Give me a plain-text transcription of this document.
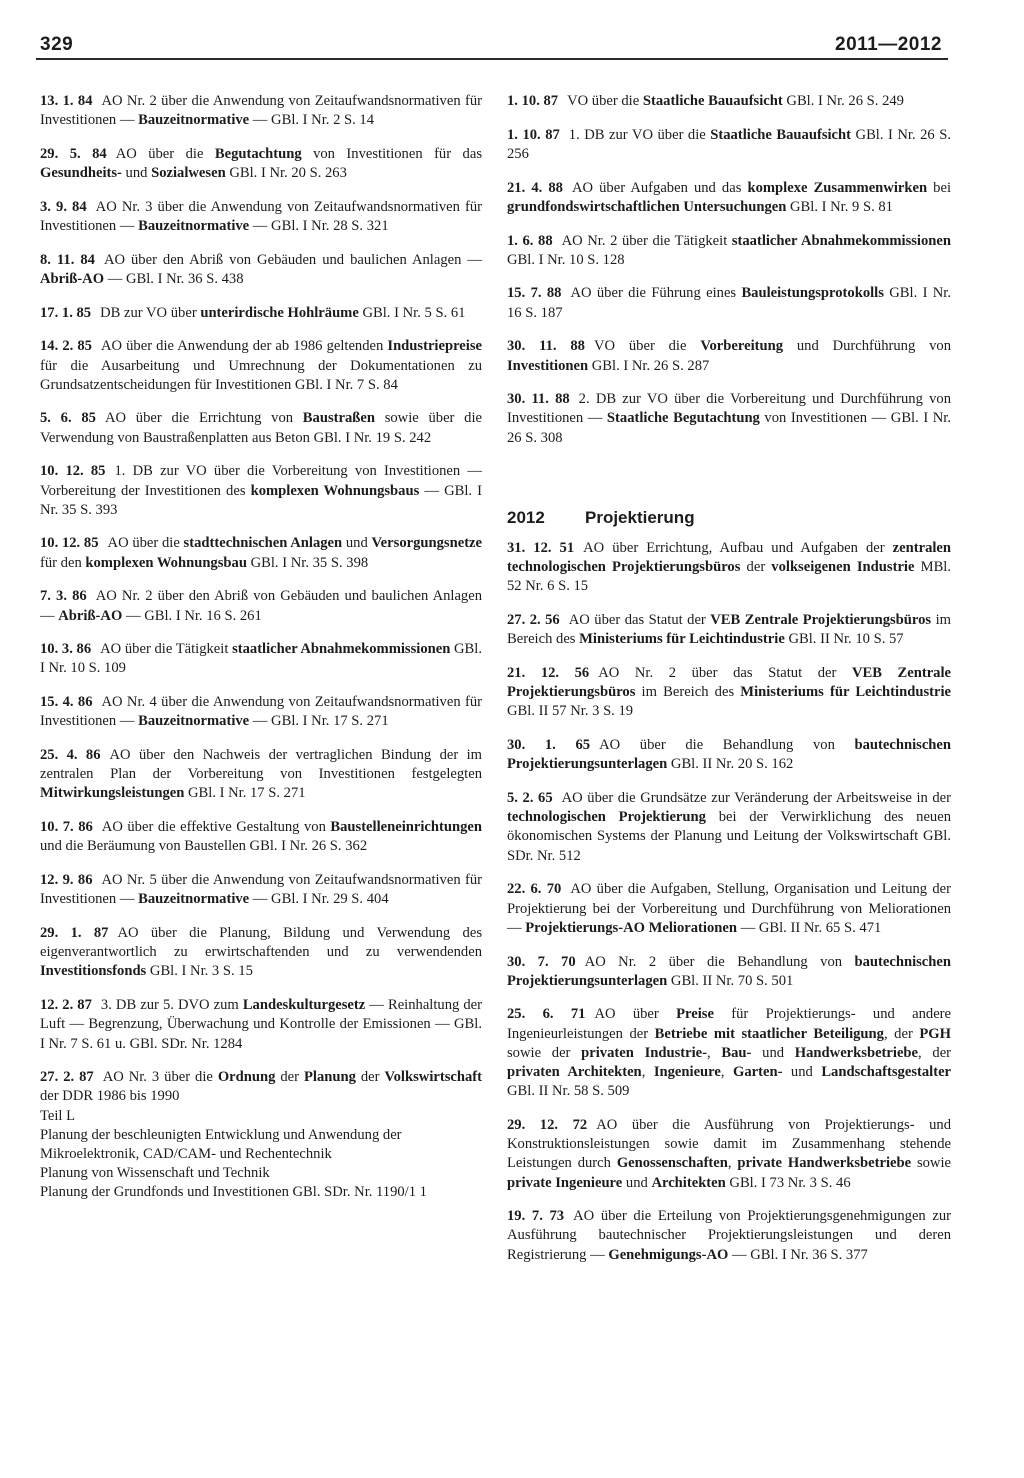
329	2011—2012
13. 1. 84 AO Nr. 2 über die Anwendung von Zeitaufwandsnormativen für Investitionen — Bauzeitnormative — GBl. I Nr. 2 S. 14
29. 5. 84 AO über die Begutachtung von Investitionen für das Gesundheits- und Sozialwesen GBl. I Nr. 20 S. 263
3. 9. 84 AO Nr. 3 über die Anwendung von Zeitaufwandsnormativen für Investitionen — Bauzeitnormative — GBl. I Nr. 28 S. 321
8. 11. 84 AO über den Abriß von Gebäuden und baulichen Anlagen — Abriß-AO — GBl. I Nr. 36 S. 438
17. 1. 85 DB zur VO über unterirdische Hohlräume GBl. I Nr. 5 S. 61
14. 2. 85 AO über die Anwendung der ab 1986 geltenden Industriepreise für die Ausarbeitung und Umrechnung der Dokumentationen zu Grundsatzentscheidungen für Investitionen GBl. I Nr. 7 S. 84
5. 6. 85 AO über die Errichtung von Baustraßen sowie über die Verwendung von Baustraßenplatten aus Beton GBl. I Nr. 19 S. 242
10. 12. 85 1. DB zur VO über die Vorbereitung von Investitionen — Vorbereitung der Investitionen des komplexen Wohnungsbaus — GBl. I Nr. 35 S. 393
10. 12. 85 AO über die stadttechnischen Anlagen und Versorgungsnetze für den komplexen Wohnungsbau GBl. I Nr. 35 S. 398
7. 3. 86 AO Nr. 2 über den Abriß von Gebäuden und baulichen Anlagen — Abriß-AO — GBl. I Nr. 16 S. 261
10. 3. 86 AO über die Tätigkeit staatlicher Abnahmekommissionen GBl. I Nr. 10 S. 109
15. 4. 86 AO Nr. 4 über die Anwendung von Zeitaufwandsnormativen für Investitionen — Bauzeitnormative — GBl. I Nr. 17 S. 271
25. 4. 86 AO über den Nachweis der vertraglichen Bindung der im zentralen Plan der Vorbereitung von Investitionen festgelegten Mitwirkungsleistungen GBl. I Nr. 17 S. 271
10. 7. 86 AO über die effektive Gestaltung von Baustelleneinrichtungen und die Beräumung von Baustellen GBl. I Nr. 26 S. 362
12. 9. 86 AO Nr. 5 über die Anwendung von Zeitaufwandsnormativen für Investitionen — Bauzeitnormative — GBl. I Nr. 29 S. 404
29. 1. 87 AO über die Planung, Bildung und Verwendung des eigenverantwortlich zu erwirtschaftenden und zu verwendenden Investitionsfonds GBl. I Nr. 3 S. 15
12. 2. 87 3. DB zur 5. DVO zum Landeskulturgesetz — Reinhaltung der Luft — Begrenzung, Überwachung und Kontrolle der Emissionen — GBl. I Nr. 7 S. 61 u. GBl. SDr. Nr. 1284
27. 2. 87 AO Nr. 3 über die Ordnung der Planung der Volkswirtschaft der DDR 1986 bis 1990
Teil L
Planung der beschleunigten Entwicklung und Anwendung der Mikroelektronik, CAD/CAM- und Rechentechnik
Planung von Wissenschaft und Technik
Planung der Grundfonds und Investitionen GBl. SDr. Nr. 1190/1 1
1. 10. 87 VO über die Staatliche Bauaufsicht GBl. I Nr. 26 S. 249
1. 10. 87 1. DB zur VO über die Staatliche Bauaufsicht GBl. I Nr. 26 S. 256
21. 4. 88 AO über Aufgaben und das komplexe Zusammenwirken bei grundfondswirtschaftlichen Untersuchungen GBl. I Nr. 9 S. 81
1. 6. 88 AO Nr. 2 über die Tätigkeit staatlicher Abnahmekommissionen GBl. I Nr. 10 S. 128
15. 7. 88 AO über die Führung eines Bauleistungsprotokolls GBl. I Nr. 16 S. 187
30. 11. 88 VO über die Vorbereitung und Durchführung von Investitionen GBl. I Nr. 26 S. 287
30. 11. 88 2. DB zur VO über die Vorbereitung und Durchführung von Investitionen — Staatliche Begutachtung von Investitionen — GBl. I Nr. 26 S. 308
2012 Projektierung
31. 12. 51 AO über Errichtung, Aufbau und Aufgaben der zentralen technologischen Projektierungsbüros der volkseigenen Industrie MBl. 52 Nr. 6 S. 15
27. 2. 56 AO über das Statut der VEB Zentrale Projektierungsbüros im Bereich des Ministeriums für Leichtindustrie GBl. II Nr. 10 S. 57
21. 12. 56 AO Nr. 2 über das Statut der VEB Zentrale Projektierungsbüros im Bereich des Ministeriums für Leichtindustrie GBl. II 57 Nr. 3 S. 19
30. 1. 65 AO über die Behandlung von bautechnischen Projektierungsunterlagen GBl. II Nr. 20 S. 162
5. 2. 65 AO über die Grundsätze zur Veränderung der Arbeitsweise in der technologischen Projektierung bei der Verwirklichung des neuen ökonomischen Systems der Planung und Leitung der Volkswirtschaft GBl. SDr. Nr. 512
22. 6. 70 AO über die Aufgaben, Stellung, Organisation und Leitung der Projektierung bei der Vorbereitung und Durchführung von Meliorationen — Projektierungs-AO Meliorationen — GBl. II Nr. 65 S. 471
30. 7. 70 AO Nr. 2 über die Behandlung von bautechnischen Projektierungsunterlagen GBl. II Nr. 70 S. 501
25. 6. 71 AO über Preise für Projektierungs- und andere Ingenieurleistungen der Betriebe mit staatlicher Beteiligung, der PGH sowie der privaten Industrie-, Bau- und Handwerksbetriebe, der privaten Architekten, Ingenieure, Garten- und Landschaftsgestalter GBl. II Nr. 58 S. 509
29. 12. 72 AO über die Ausführung von Projektierungs- und Konstruktionsleistungen sowie damit im Zusammenhang stehende Leistungen durch Genossenschaften, private Handwerksbetriebe sowie private Ingenieure und Architekten GBl. I 73 Nr. 3 S. 46
19. 7. 73 AO über die Erteilung von Projektierungsgenehmigungen zur Ausführung bautechnischer Projektierungsleistungen und deren Registrierung — Genehmigungs-AO — GBl. I Nr. 36 S. 377
